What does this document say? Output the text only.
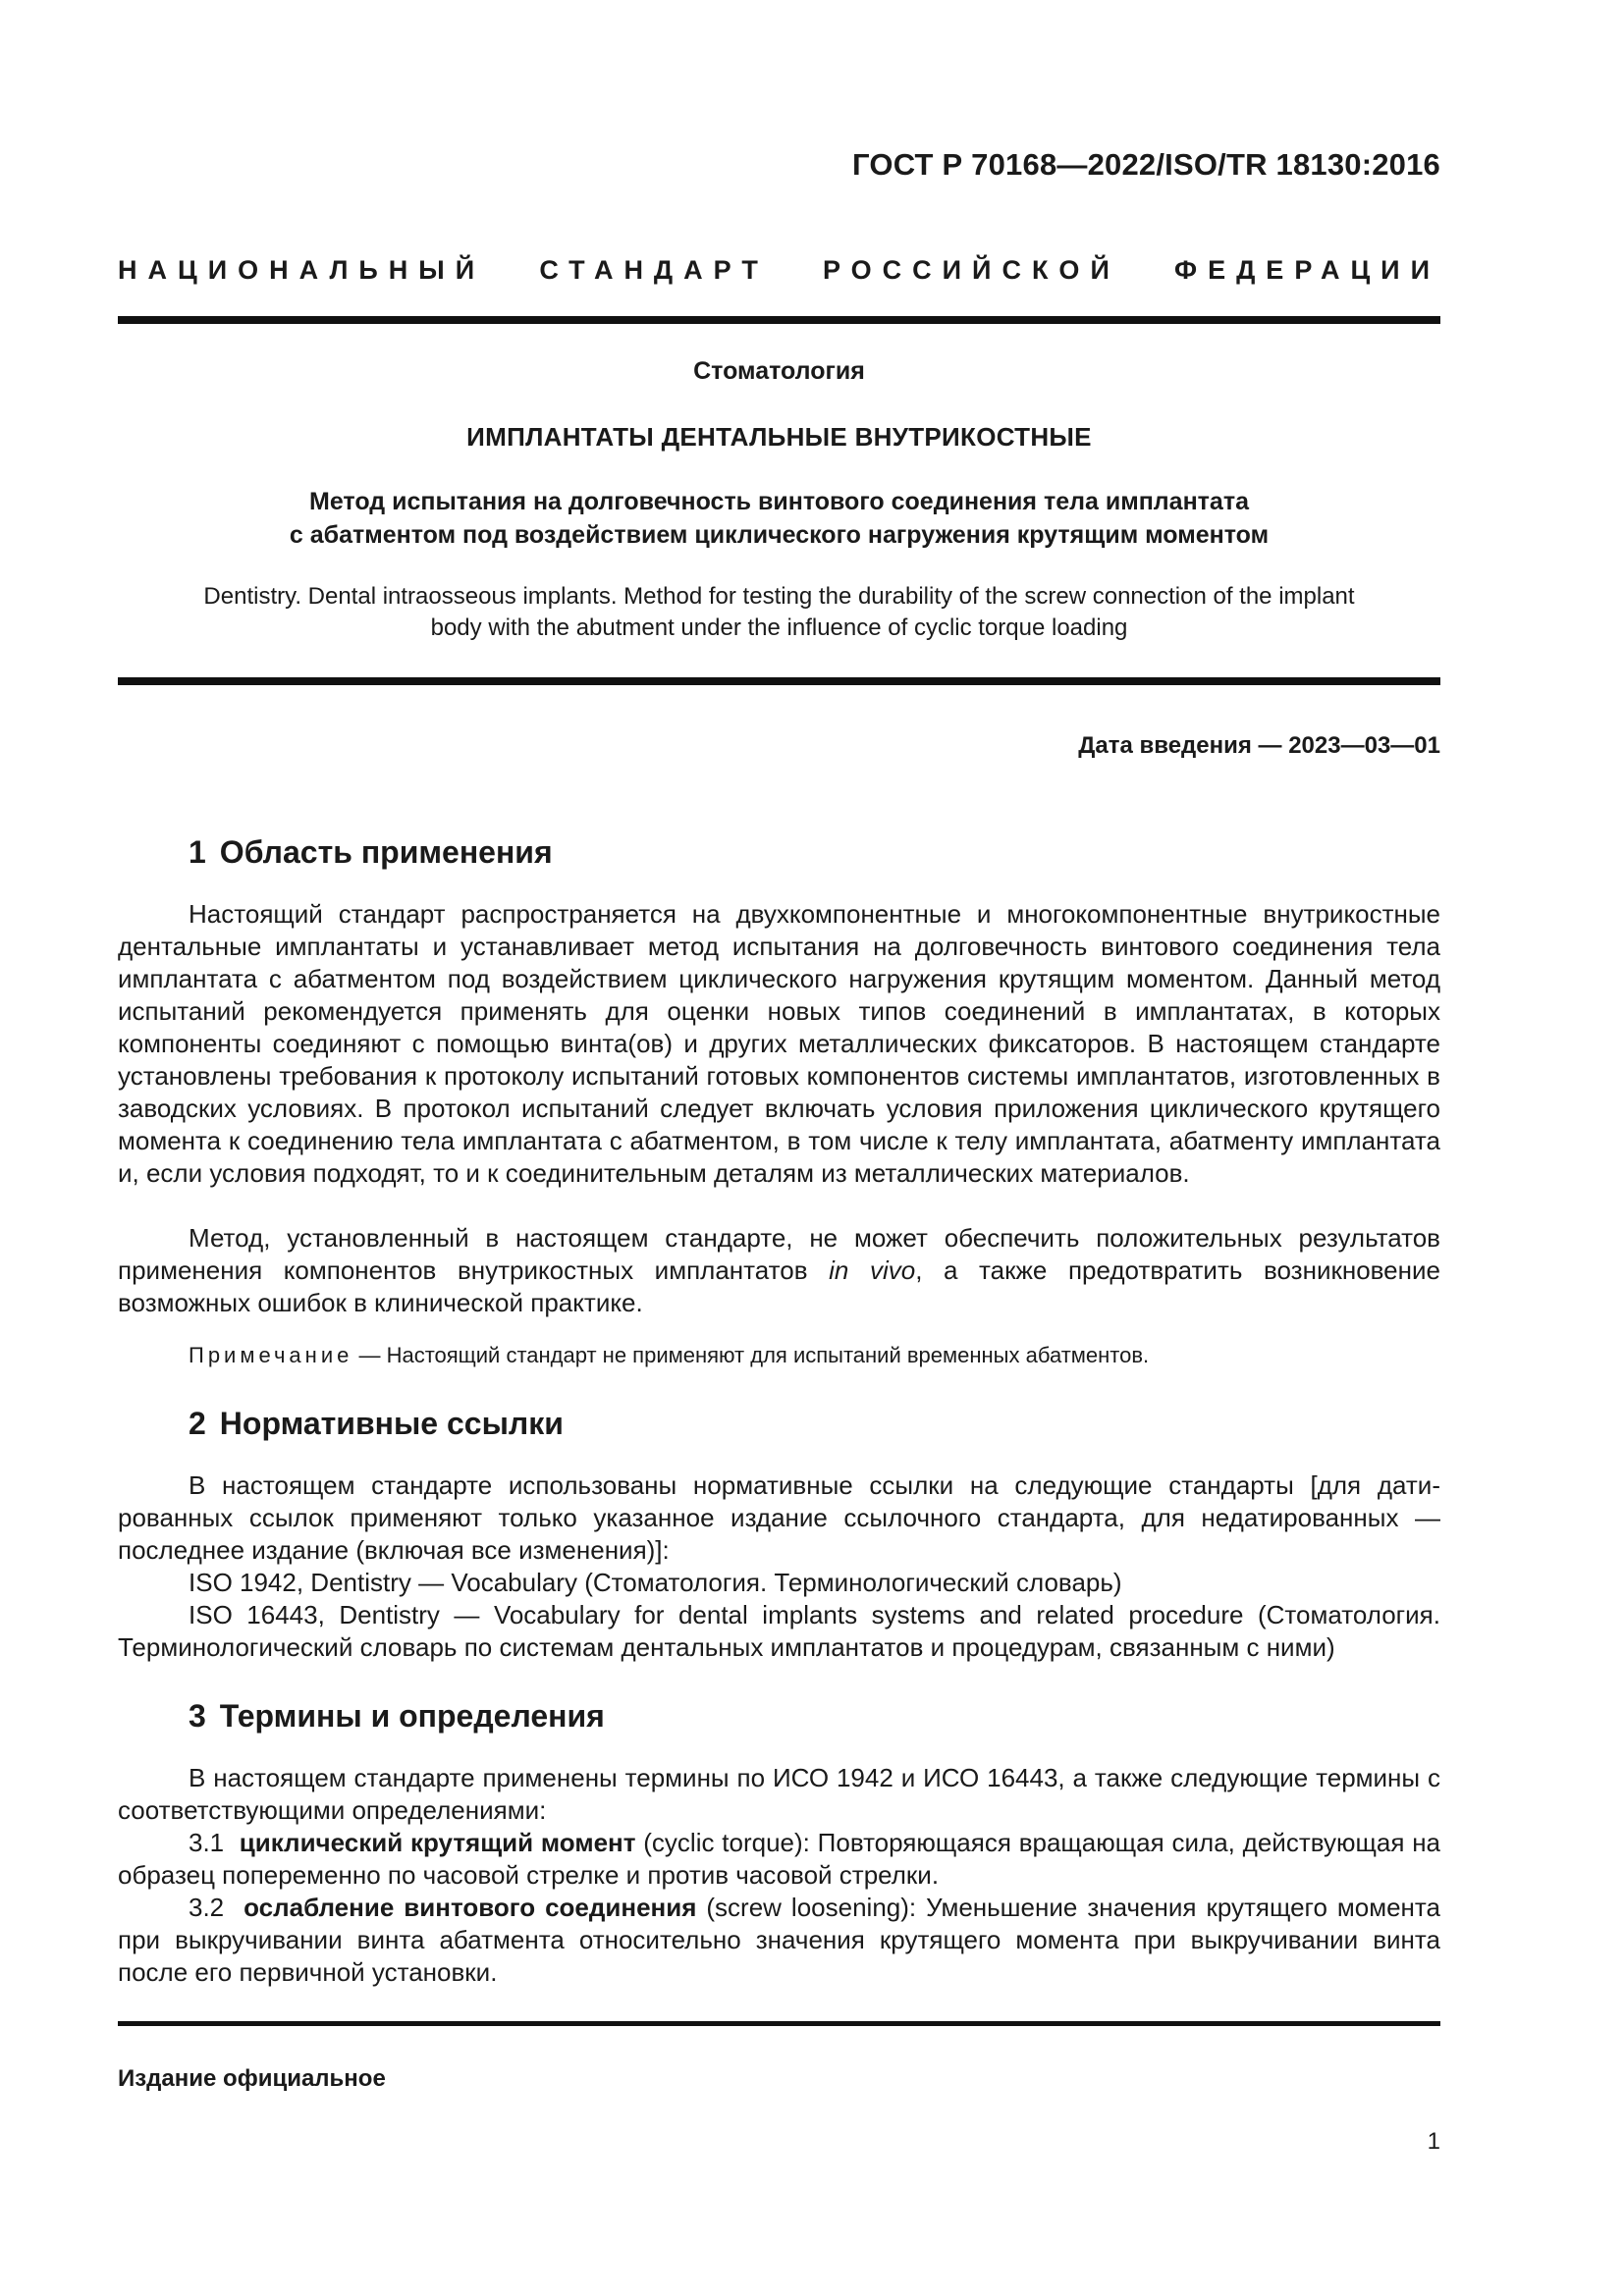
ГОСТ Р 70168—2022/ISO/TR 18130:2016
НАЦИОНАЛЬНЫЙ СТАНДАРТ РОССИЙСКОЙ ФЕДЕРАЦИИ
Стоматология
ИМПЛАНТАТЫ ДЕНТАЛЬНЫЕ ВНУТРИКОСТНЫЕ
Метод испытания на долговечность винтового соединения тела имплантата
с абатментом под воздействием циклического нагружения крутящим моментом
Dentistry. Dental intraosseous implants. Method for testing the durability of the screw connection of the implant
body with the abutment under the influence of cyclic torque loading
Дата введения — 2023—03—01
1 Область применения
Настоящий стандарт распространяется на двухкомпонентные и многокомпонентные внутрикостные дентальные имплантаты и устанавливает метод испытания на долговечность винтового соединения тела имплантата с абатментом под воздействием циклического нагружения крутящим моментом. Данный метод испытаний рекомендуется применять для оценки новых типов соединений в имплантатах, в которых компоненты соединяют с помощью винта(ов) и других металлических фиксаторов. В настоящем стандарте установлены требования к протоколу испытаний готовых компонентов системы имплантатов, изготовленных в заводских условиях. В протокол испытаний следует включать условия приложения циклического крутящего момента к соединению тела имплантата с абатментом, в том числе к телу имплантата, абатменту имплантата и, если условия подходят, то и к соединительным деталям из металлических материалов.
Метод, установленный в настоящем стандарте, не может обеспечить положительных результатов применения компонентов внутрикостных имплантатов in vivo, а также предотвратить возникновение возможных ошибок в клинической практике.
Примечание — Настоящий стандарт не применяют для испытаний временных абатментов.
2 Нормативные ссылки
В настоящем стандарте использованы нормативные ссылки на следующие стандарты [для датированных ссылок применяют только указанное издание ссылочного стандарта, для недатированных — последнее издание (включая все изменения)]:
ISO 1942, Dentistry — Vocabulary (Стоматология. Терминологический словарь)
ISO 16443, Dentistry — Vocabulary for dental implants systems and related procedure (Стоматология. Терминологический словарь по системам дентальных имплантатов и процедурам, связанным с ними)
3 Термины и определения
В настоящем стандарте применены термины по ИСО 1942 и ИСО 16443, а также следующие термины с соответствующими определениями:
3.1 циклический крутящий момент (cyclic torque): Повторяющаяся вращающая сила, действующая на образец попеременно по часовой стрелке и против часовой стрелки.
3.2 ослабление винтового соединения (screw loosening): Уменьшение значения крутящего момента при выкручивании винта абатмента относительно значения крутящего момента при выкручивании винта после его первичной установки.
Издание официальное
1
